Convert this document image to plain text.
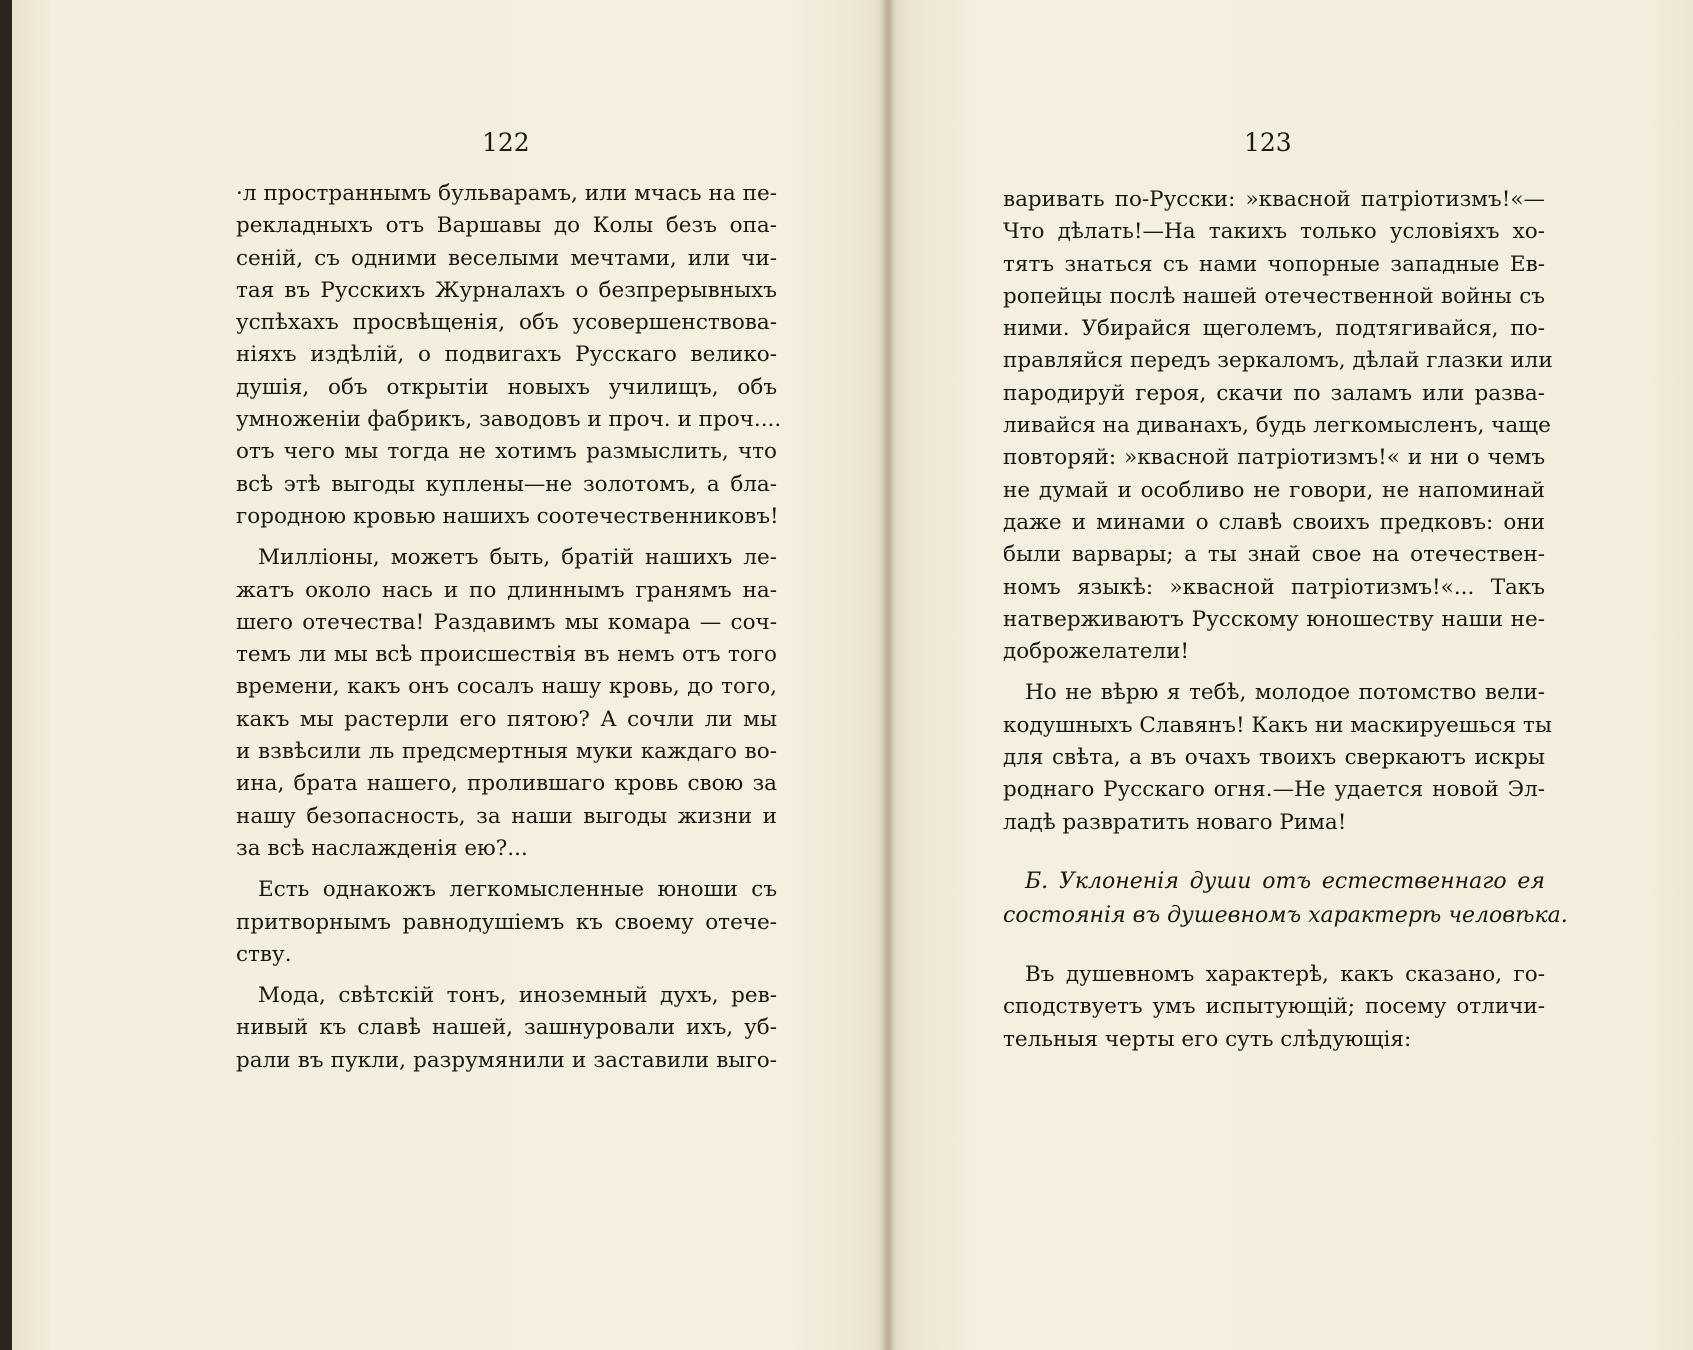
122
·л пространнымъ бульварамъ, или мчась на пе-
рекладныхъ отъ Варшавы до Колы безъ опа-
сеній, съ одними веселыми мечтами, или чи-
тая въ Русскихъ Журналахъ о безпрерывныхъ
успѣхахъ просвѣщенія, объ усовершенствова-
ніяхъ издѣлій, о подвигахъ Русскаго велико-
душія, объ открытіи новыхъ училищъ, объ
умноженіи фабрикъ, заводовъ и проч. и проч....
отъ чего мы тогда не хотимъ размыслить, что
всѣ этѣ выгоды куплены—не золотомъ, а бла-
городною кровью нашихъ соотечественниковъ!
Милліоны, можетъ быть, братій нашихъ ле-
жатъ около нась и по длиннымъ гранямъ на-
шего отечества! Раздавимъ мы комара — соч-
темъ ли мы всѣ происшествія въ немъ отъ того
времени, какъ онъ сосалъ нашу кровь, до того,
какъ мы растерли его пятою? А сочли ли мы
и взвѣсили ль предсмертныя муки каждаго во-
ина, брата нашего, пролившаго кровь свою за
нашу безопасность, за наши выгоды жизни и
за всѣ наслажденія ею?...
Есть однакожъ легкомысленные юноши съ
притворнымъ равнодушіемъ къ своему отече-
ству.
Мода, свѣтскій тонъ, иноземный духъ, рев-
нивый къ славѣ нашей, зашнуровали ихъ, уб-
рали въ пукли, разрумянили и заставили выго-
123
варивать по-Русски: »квасной патріотизмъ!«—
Что дѣлать!—На такихъ только условіяхъ хо-
тятъ знаться съ нами чопорные западные Ев-
ропейцы послѣ нашей отечественной войны съ
ними. Убирайся щеголемъ, подтягивайся, по-
правляйся передъ зеркаломъ, дѣлай глазки или
пародируй героя, скачи по заламъ или разва-
ливайся на диванахъ, будь легкомысленъ, чаще
повторяй: »квасной патріотизмъ!« и ни о чемъ
не думай и особливо не говори, не напоминай
даже и минами о славѣ своихъ предковъ: они
были варвары; а ты знай свое на отечествен-
номъ языкѣ: »квасной патріотизмъ!«... Такъ
натверживаютъ Русскому юношеству наши не-
доброжелатели!
Но не вѣрю я тебѣ, молодое потомство вели-
кодушныхъ Славянъ! Какъ ни маскируешься ты
для свѣта, а въ очахъ твоихъ сверкаютъ искры
роднаго Русскаго огня.—Не удается новой Эл-
ладѣ развратить новаго Рима!
Б. Уклоненія души отъ естественнаго ея
состоянія въ душевномъ характерѣ человѣка.
Въ душевномъ характерѣ, какъ сказано, го-
сподствуетъ умъ испытующій; посему отличи-
тельныя черты его суть слѣдующія:
